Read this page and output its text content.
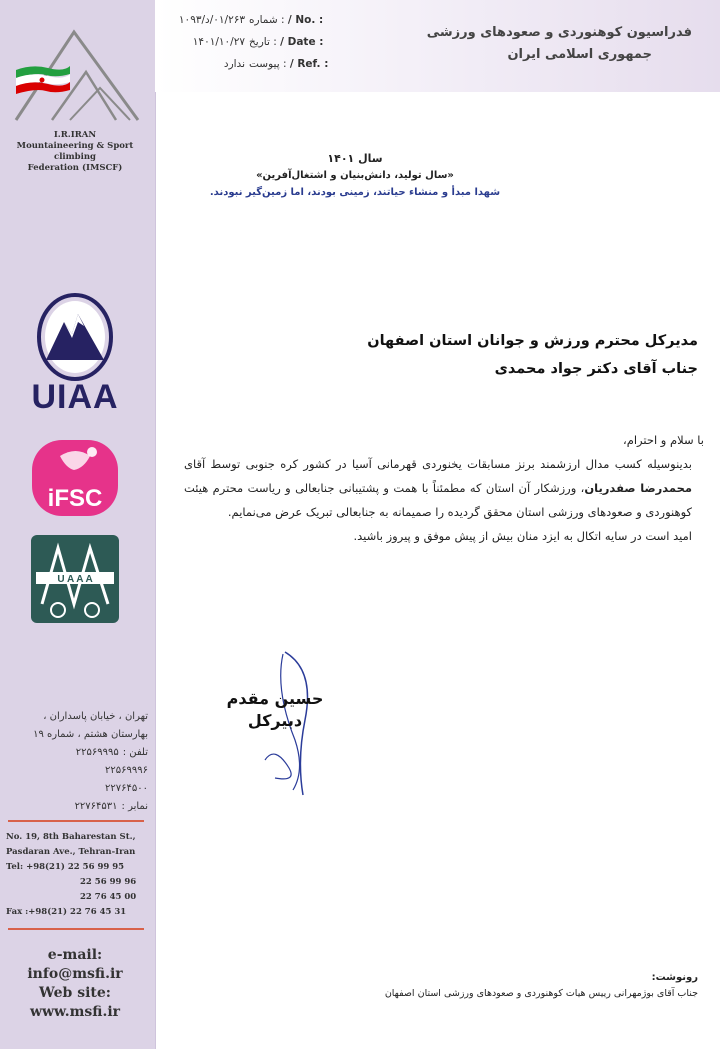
I.R.IRAN
Mountaineering & Sport climbing
Federation (IMSCF)
UIAA
iFSC
U A A A
تهران ، خیابان پاسداران ،
بهارستان هشتم ، شماره ۱۹
تلفن :
۲۲۵۶۹۹۹۵
۲۲۵۶۹۹۹۶
۲۲۷۶۴۵۰۰
نمابر :
۲۲۷۶۴۵۳۱
No. 19, 8th Baharestan St.,
Pasdaran Ave., Tehran-Iran
Tel: +98(21)
22 56 99 95
22 56 99 96
22 76 45 00
Fax :+98(21) 22 76 45 31
e-mail:
info@msfi.ir
Web site:
www.msfi.ir
۰۱/۲۶۳/د/۱۰۹۳ شماره : / No. :
۱۴۰۱/۱۰/۲۷ تاریخ : / Date :
ندارد پیوست : / Ref. :
فدراسیون کوهنوردی و صعودهای ورزشی
جمهوری اسلامی ایران
سال ۱۴۰۱
«سال تولید، دانش‌بنیان و اشتغال‌آفرین»
شهدا مبدأ و منشاء حیاتند، زمینی بودند، اما زمین‌گیر نبودند.
مدیرکل محترم ورزش و جوانان استان اصفهان
جناب آقای دکتر جواد محمدی

با سلام و احترام،

بدینوسیله کسب مدال ارزشمند برنز مسابقات یخنوردی قهرمانی آسیا در کشور کره جنوبی توسط آقای محمدرضا صفدریان، ورزشکار آن استان که مطمئناً با همت و پشتیبانی جنابعالی و ریاست محترم هیئت کوهنوردی و صعودهای ورزشی استان محقق گردیده را صمیمانه به جنابعالی تبریک عرض می‌نمایم.

امید است در سایه اتکال به ایزد منان بیش از پیش موفق و پیروز باشید.

حسین مقدم
دبیرکل
رونوشت:
جناب آقای بوژمهرانی رییس هیات کوهنوردی و صعودهای ورزشی استان اصفهان
